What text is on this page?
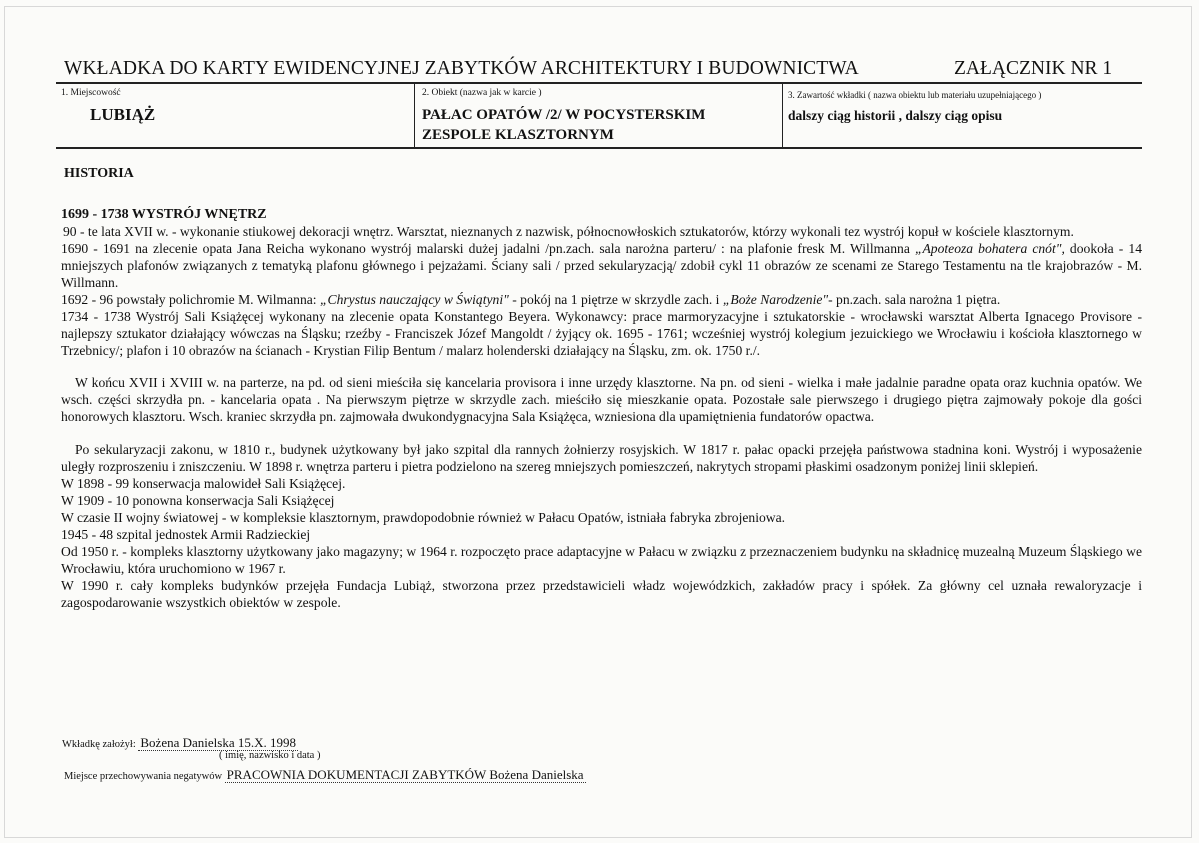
WKŁADKA DO KARTY EWIDENCYJNEJ ZABYTKÓW ARCHITEKTURY I BUDOWNICTWA	ZAŁĄCZNIK NR 1
1. Miejscowość
LUBIĄŻ
2. Obiekt (nazwa jak w karcie )
PAŁAC OPATÓW /2/ W POCYSTERSKIM
ZESPOLE KLASZTORNYM
3. Zawartość wkładki ( nazwa obiektu lub materiału uzupełniającego )
dalszy ciąg historii , dalszy ciąg opisu
HISTORIA

1699 - 1738 WYSTRÓJ WNĘTRZ

90 - te lata XVII w. - wykonanie stiukowej dekoracji wnętrz. Warsztat, nieznanych z nazwisk, północnowłoskich sztukatorów, którzy wykonali tez wystrój kopuł w kościele klasztornym.

1690 - 1691 na zlecenie opata Jana Reicha wykonano wystrój malarski dużej jadalni /pn.zach. sala narożna parteru/ : na plafonie fresk M. Willmanna „Apoteoza bohatera cnót", dookoła - 14 mniejszych plafonów związanych z tematyką plafonu głównego i pejzażami. Ściany sali / przed sekularyzacją/ zdobił cykl 11 obrazów ze scenami ze Starego Testamentu na tle krajobrazów - M. Willmann.

1692 - 96 powstały polichromie M. Wilmanna: „Chrystus nauczający w Świątyni" - pokój na 1 piętrze w skrzydle zach. i „Boże Narodzenie"- pn.zach. sala narożna 1 piętra.

1734 - 1738 Wystrój Sali Książęcej wykonany na zlecenie opata Konstantego Beyera. Wykonawcy: prace marmoryzacyjne i sztukatorskie - wrocławski warsztat Alberta Ignacego Provisore - najlepszy sztukator działający wówczas na Śląsku; rzeźby - Franciszek Józef Mangoldt / żyjący ok. 1695 - 1761; wcześniej wystrój kolegium jezuickiego we Wrocławiu i kościoła klasztornego w Trzebnicy/; plafon i 10 obrazów na ścianach - Krystian Filip Bentum / malarz holenderski działający na Śląsku, zm. ok. 1750 r./.

W końcu XVII i XVIII w. na parterze, na pd. od sieni mieściła się kancelaria provisora i inne urzędy klasztorne. Na pn. od sieni - wielka i małe jadalnie paradne opata oraz kuchnia opatów. We wsch. części skrzydła pn. - kancelaria opata . Na pierwszym piętrze w skrzydle zach. mieściło się mieszkanie opata. Pozostałe sale pierwszego i drugiego piętra zajmowały pokoje dla gości honorowych klasztoru. Wsch. kraniec skrzydła pn. zajmowała dwukondygnacyjna Sala Książęca, wzniesiona dla upamiętnienia fundatorów opactwa.

Po sekularyzacji zakonu, w 1810 r., budynek użytkowany był jako szpital dla rannych żołnierzy rosyjskich. W 1817 r. pałac opacki przejęła państwowa stadnina koni. Wystrój i wyposażenie uległy rozproszeniu i zniszczeniu. W 1898 r. wnętrza parteru i pietra podzielono na szereg mniejszych pomieszczeń, nakrytych stropami płaskimi osadzonym poniżej linii sklepień.

W 1898 - 99 konserwacja malowideł Sali Książęcej.

W 1909 - 10 ponowna konserwacja Sali Książęcej

W czasie II wojny światowej - w kompleksie klasztornym, prawdopodobnie również w Pałacu Opatów, istniała fabryka zbrojeniowa.

1945 - 48 szpital jednostek Armii Radzieckiej

Od 1950 r. - kompleks klasztorny użytkowany jako magazyny; w 1964 r. rozpoczęto prace adaptacyjne w Pałacu w związku z przeznaczeniem budynku na składnicę muzealną Muzeum Śląskiego we Wrocławiu, która uruchomiono w 1967 r.

W 1990 r. cały kompleks budynków przejęła Fundacja Lubiąż, stworzona przez przedstawicieli władz wojewódzkich, zakładów pracy i spółek. Za główny cel uznała rewaloryzacje i zagospodarowanie wszystkich obiektów w zespole.

Wkładkę założył: Bożena Danielska 15.X. 1998
( imię, nazwisko i data )
Miejsce przechowywania negatywów PRACOWNIA DOKUMENTACJI ZABYTKÓW Bożena Danielska
